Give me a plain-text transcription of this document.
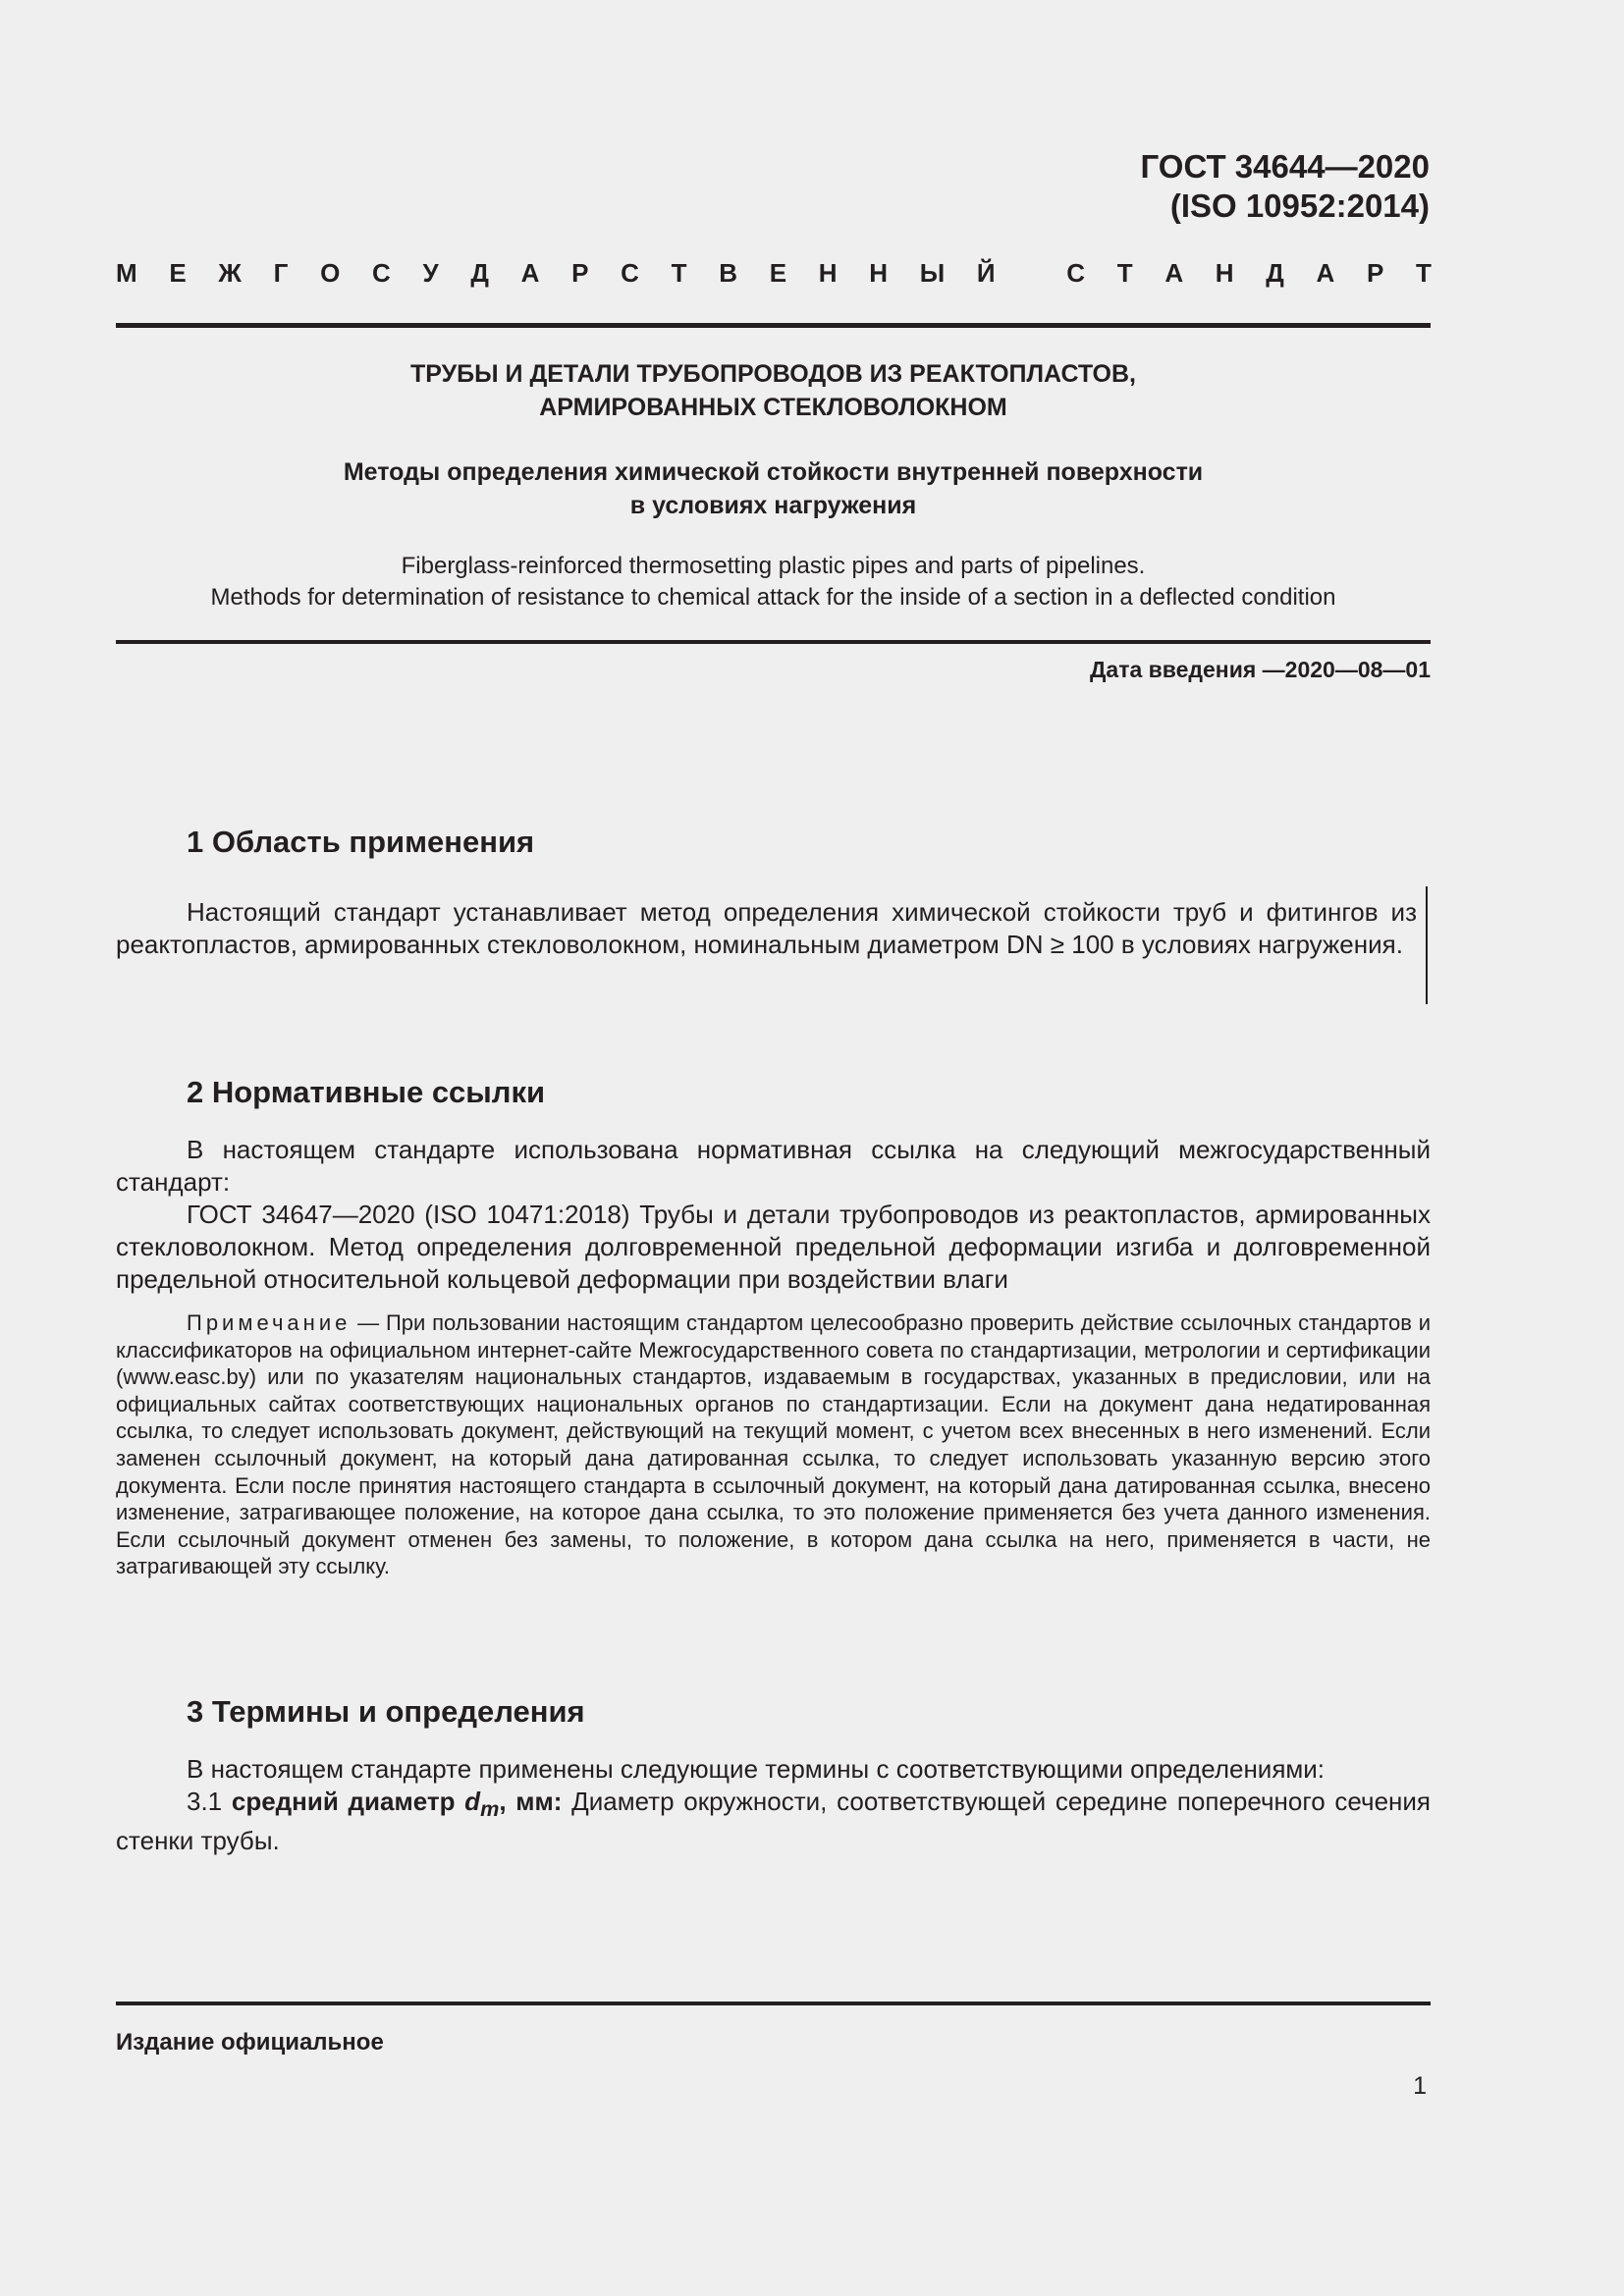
ГОСТ 34644—2020
(ISO 10952:2014)
М Е Ж Г О С У Д А Р С Т В Е Н Н Ы Й
	С Т А Н Д А Р Т
ТРУБЫ И ДЕТАЛИ ТРУБОПРОВОДОВ ИЗ РЕАКТОПЛАСТОВ,
АРМИРОВАННЫХ СТЕКЛОВОЛОКНОМ
Методы определения химической стойкости внутренней поверхности
в условиях нагружения
Fiberglass-reinforced thermosetting plastic pipes and parts of pipelines.
Methods for determination of resistance to chemical attack for the inside of a section in a deflected condition
Дата введения —2020—08—01
1 Область применения

Настоящий стандарт устанавливает метод определения химической стойкости труб и фитингов из реактопластов, армированных стекловолокном, номинальным диаметром DN ≥ 100 в условиях нагружения.

2 Нормативные ссылки

В настоящем стандарте использована нормативная ссылка на следующий межгосударственный стандарт:

ГОСТ 34647—2020 (ISO 10471:2018) Трубы и детали трубопроводов из реактопластов, армированных стекловолокном. Метод определения долговременной предельной деформации изгиба и долговременной предельной относительной кольцевой деформации при воздействии влаги

Примечание — При пользовании настоящим стандартом целесообразно проверить действие ссылочных стандартов и классификаторов на официальном интернет-сайте Межгосударственного совета по стандартизации, метрологии и сертификации (www.easc.by) или по указателям национальных стандартов, издаваемым в государствах, указанных в предисловии, или на официальных сайтах соответствующих национальных органов по стандартизации. Если на документ дана недатированная ссылка, то следует использовать документ, действующий на текущий момент, с учетом всех внесенных в него изменений. Если заменен ссылочный документ, на который дана датированная ссылка, то следует использовать указанную версию этого документа. Если после принятия настоящего стандарта в ссылочный документ, на который дана датированная ссылка, внесено изменение, затрагивающее положение, на которое дана ссылка, то это положение применяется без учета данного изменения. Если ссылочный документ отменен без замены, то положение, в котором дана ссылка на него, применяется в части, не затрагивающей эту ссылку.
3 Термины и определения

В настоящем стандарте применены следующие термины с соответствующими определениями:

3.1 средний диаметр $d_m$, мм: Диаметр окружности, соответствующей середине поперечного сечения стенки трубы.

Издание официальное
1
